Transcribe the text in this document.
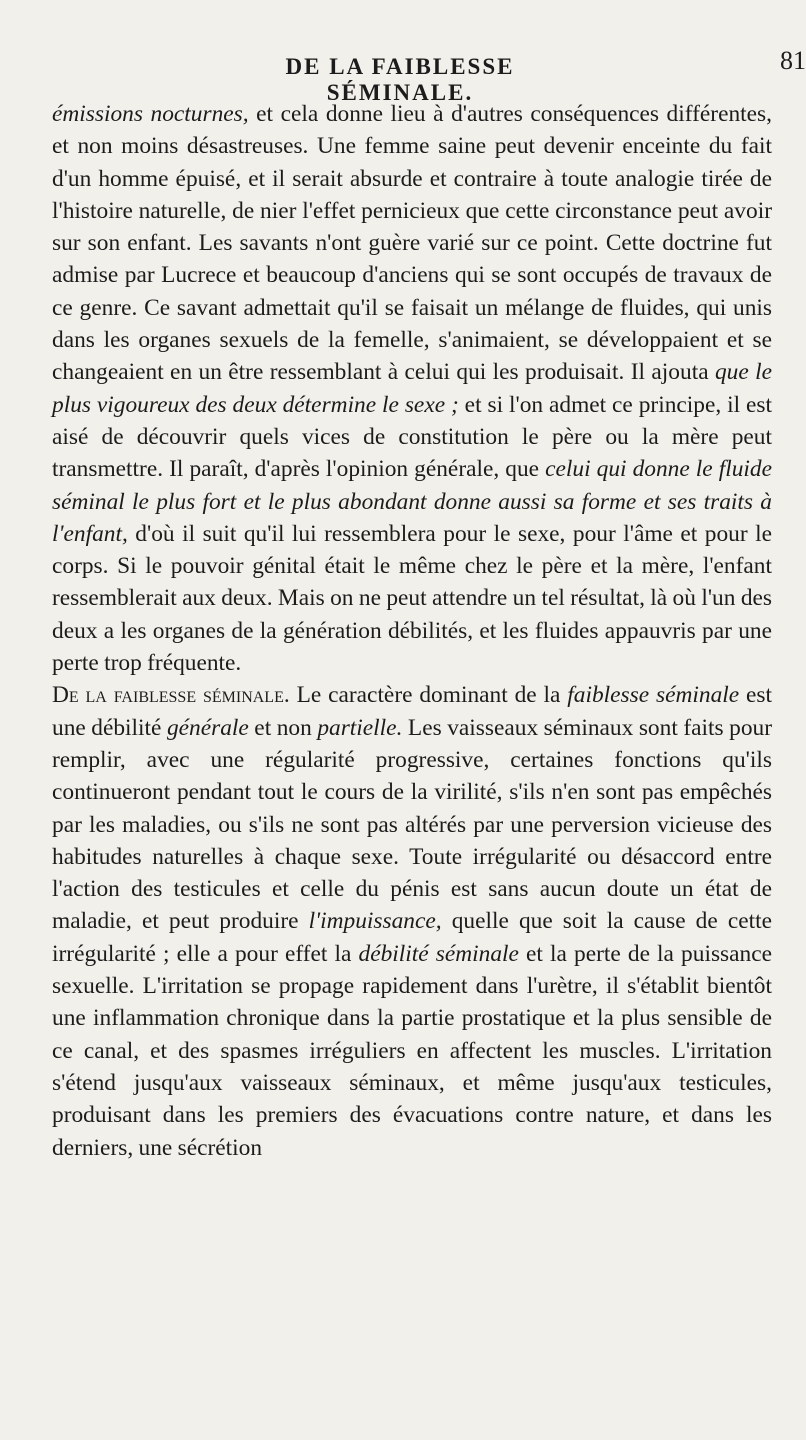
DE LA FAIBLESSE SÉMINALE.
81

émissions nocturnes, et cela donne lieu à d'autres conséquences différentes, et non moins désastreuses. Une femme saine peut devenir enceinte du fait d'un homme épuisé, et il serait absurde et contraire à toute analogie tirée de l'histoire naturelle, de nier l'effet pernicieux que cette circonstance peut avoir sur son enfant. Les savants n'ont guère varié sur ce point. Cette doctrine fut admise par Lucrece et beaucoup d'anciens qui se sont occupés de travaux de ce genre. Ce savant admettait qu'il se faisait un mélange de fluides, qui unis dans les organes sexuels de la femelle, s'animaient, se développaient et se changeaient en un être ressemblant à celui qui les produisait. Il ajouta que le plus vigoureux des deux détermine le sexe ; et si l'on admet ce principe, il est aisé de découvrir quels vices de constitution le père ou la mère peut transmettre. Il paraît, d'après l'opinion générale, que celui qui donne le fluide séminal le plus fort et le plus abondant donne aussi sa forme et ses traits à l'enfant, d'où il suit qu'il lui ressemblera pour le sexe, pour l'âme et pour le corps. Si le pouvoir génital était le même chez le père et la mère, l'enfant ressemblerait aux deux. Mais on ne peut attendre un tel résultat, là où l'un des deux a les organes de la génération débilités, et les fluides appauvris par une perte trop fréquente.

De la faiblesse séminale. Le caractère dominant de la faiblesse séminale est une débilité générale et non partielle. Les vaisseaux séminaux sont faits pour remplir, avec une régularité progressive, certaines fonctions qu'ils continueront pendant tout le cours de la virilité, s'ils n'en sont pas empêchés par les maladies, ou s'ils ne sont pas altérés par une perversion vicieuse des habitudes naturelles à chaque sexe. Toute irrégularité ou désaccord entre l'action des testicules et celle du pénis est sans aucun doute un état de maladie, et peut produire l'impuissance, quelle que soit la cause de cette irrégularité ; elle a pour effet la débilité séminale et la perte de la puissance sexuelle. L'irritation se propage rapidement dans l'urètre, il s'établit bientôt une inflammation chronique dans la partie prostatique et la plus sensible de ce canal, et des spasmes irréguliers en affectent les muscles. L'irritation s'étend jusqu'aux vaisseaux séminaux, et même jusqu'aux testicules, produisant dans les premiers des évacuations contre nature, et dans les derniers, une sécrétion
